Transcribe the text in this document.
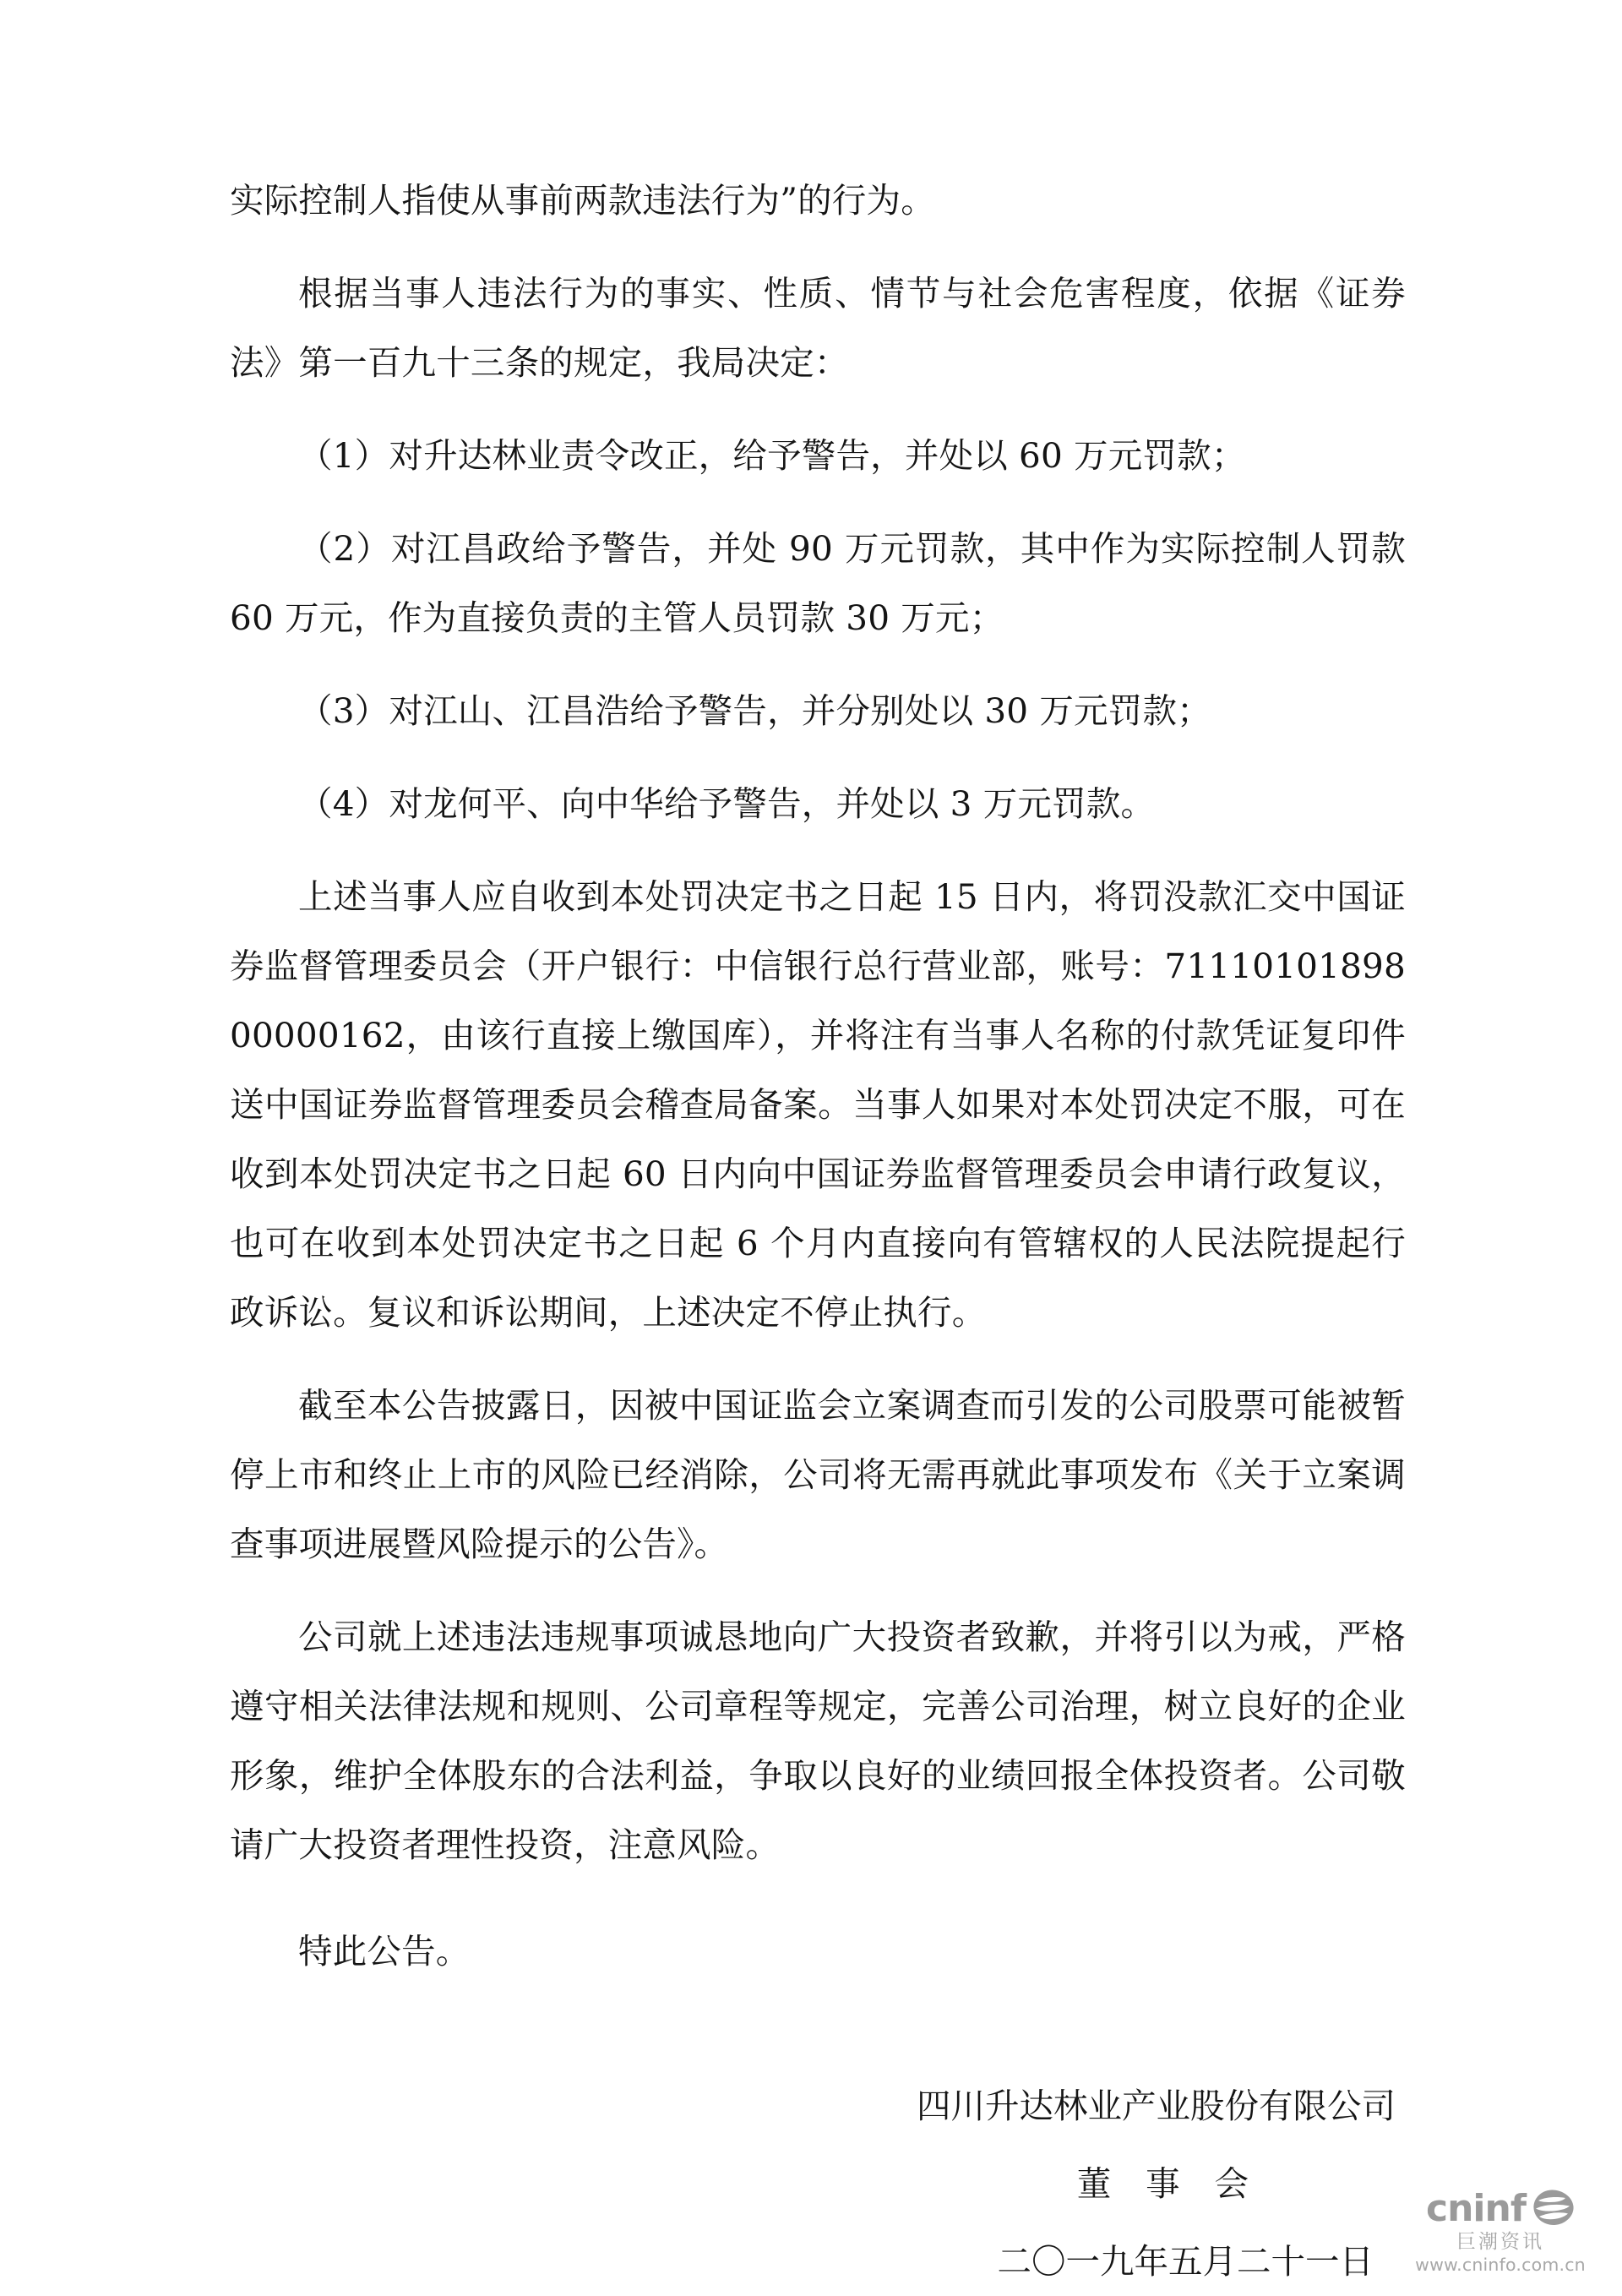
实际控制人指使从事前两款违法行为”的行为。

根据当事人违法行为的事实、性质、情节与社会危害程度，依据《证券法》第一百九十三条的规定，我局决定：

（1）对升达林业责令改正，给予警告，并处以 60 万元罚款；

（2）对江昌政给予警告，并处 90 万元罚款，其中作为实际控制人罚款 60 万元，作为直接负责的主管人员罚款 30 万元；

（3）对江山、江昌浩给予警告，并分别处以 30 万元罚款；

（4）对龙何平、向中华给予警告，并处以 3 万元罚款。

上述当事人应自收到本处罚决定书之日起 15 日内，将罚没款汇交中国证券监督管理委员会（开户银行：中信银行总行营业部，账号：7111010189800000162，由该行直接上缴国库），并将注有当事人名称的付款凭证复印件送中国证券监督管理委员会稽查局备案。当事人如果对本处罚决定不服，可在收到本处罚决定书之日起 60 日内向中国证券监督管理委员会申请行政复议，也可在收到本处罚决定书之日起 6 个月内直接向有管辖权的人民法院提起行政诉讼。复议和诉讼期间，上述决定不停止执行。

截至本公告披露日，因被中国证监会立案调查而引发的公司股票可能被暂停上市和终止上市的风险已经消除，公司将无需再就此事项发布《关于立案调查事项进展暨风险提示的公告》。

公司就上述违法违规事项诚恳地向广大投资者致歉，并将引以为戒，严格遵守相关法律法规和规则、公司章程等规定，完善公司治理，树立良好的企业形象，维护全体股东的合法利益，争取以良好的业绩回报全体投资者。公司敬请广大投资者理性投资，注意风险。

特此公告。

四川升达林业产业股份有限公司
董 事 会
二〇一九年五月二十一日
cninf
巨潮资讯
www.cninfo.com.cn
